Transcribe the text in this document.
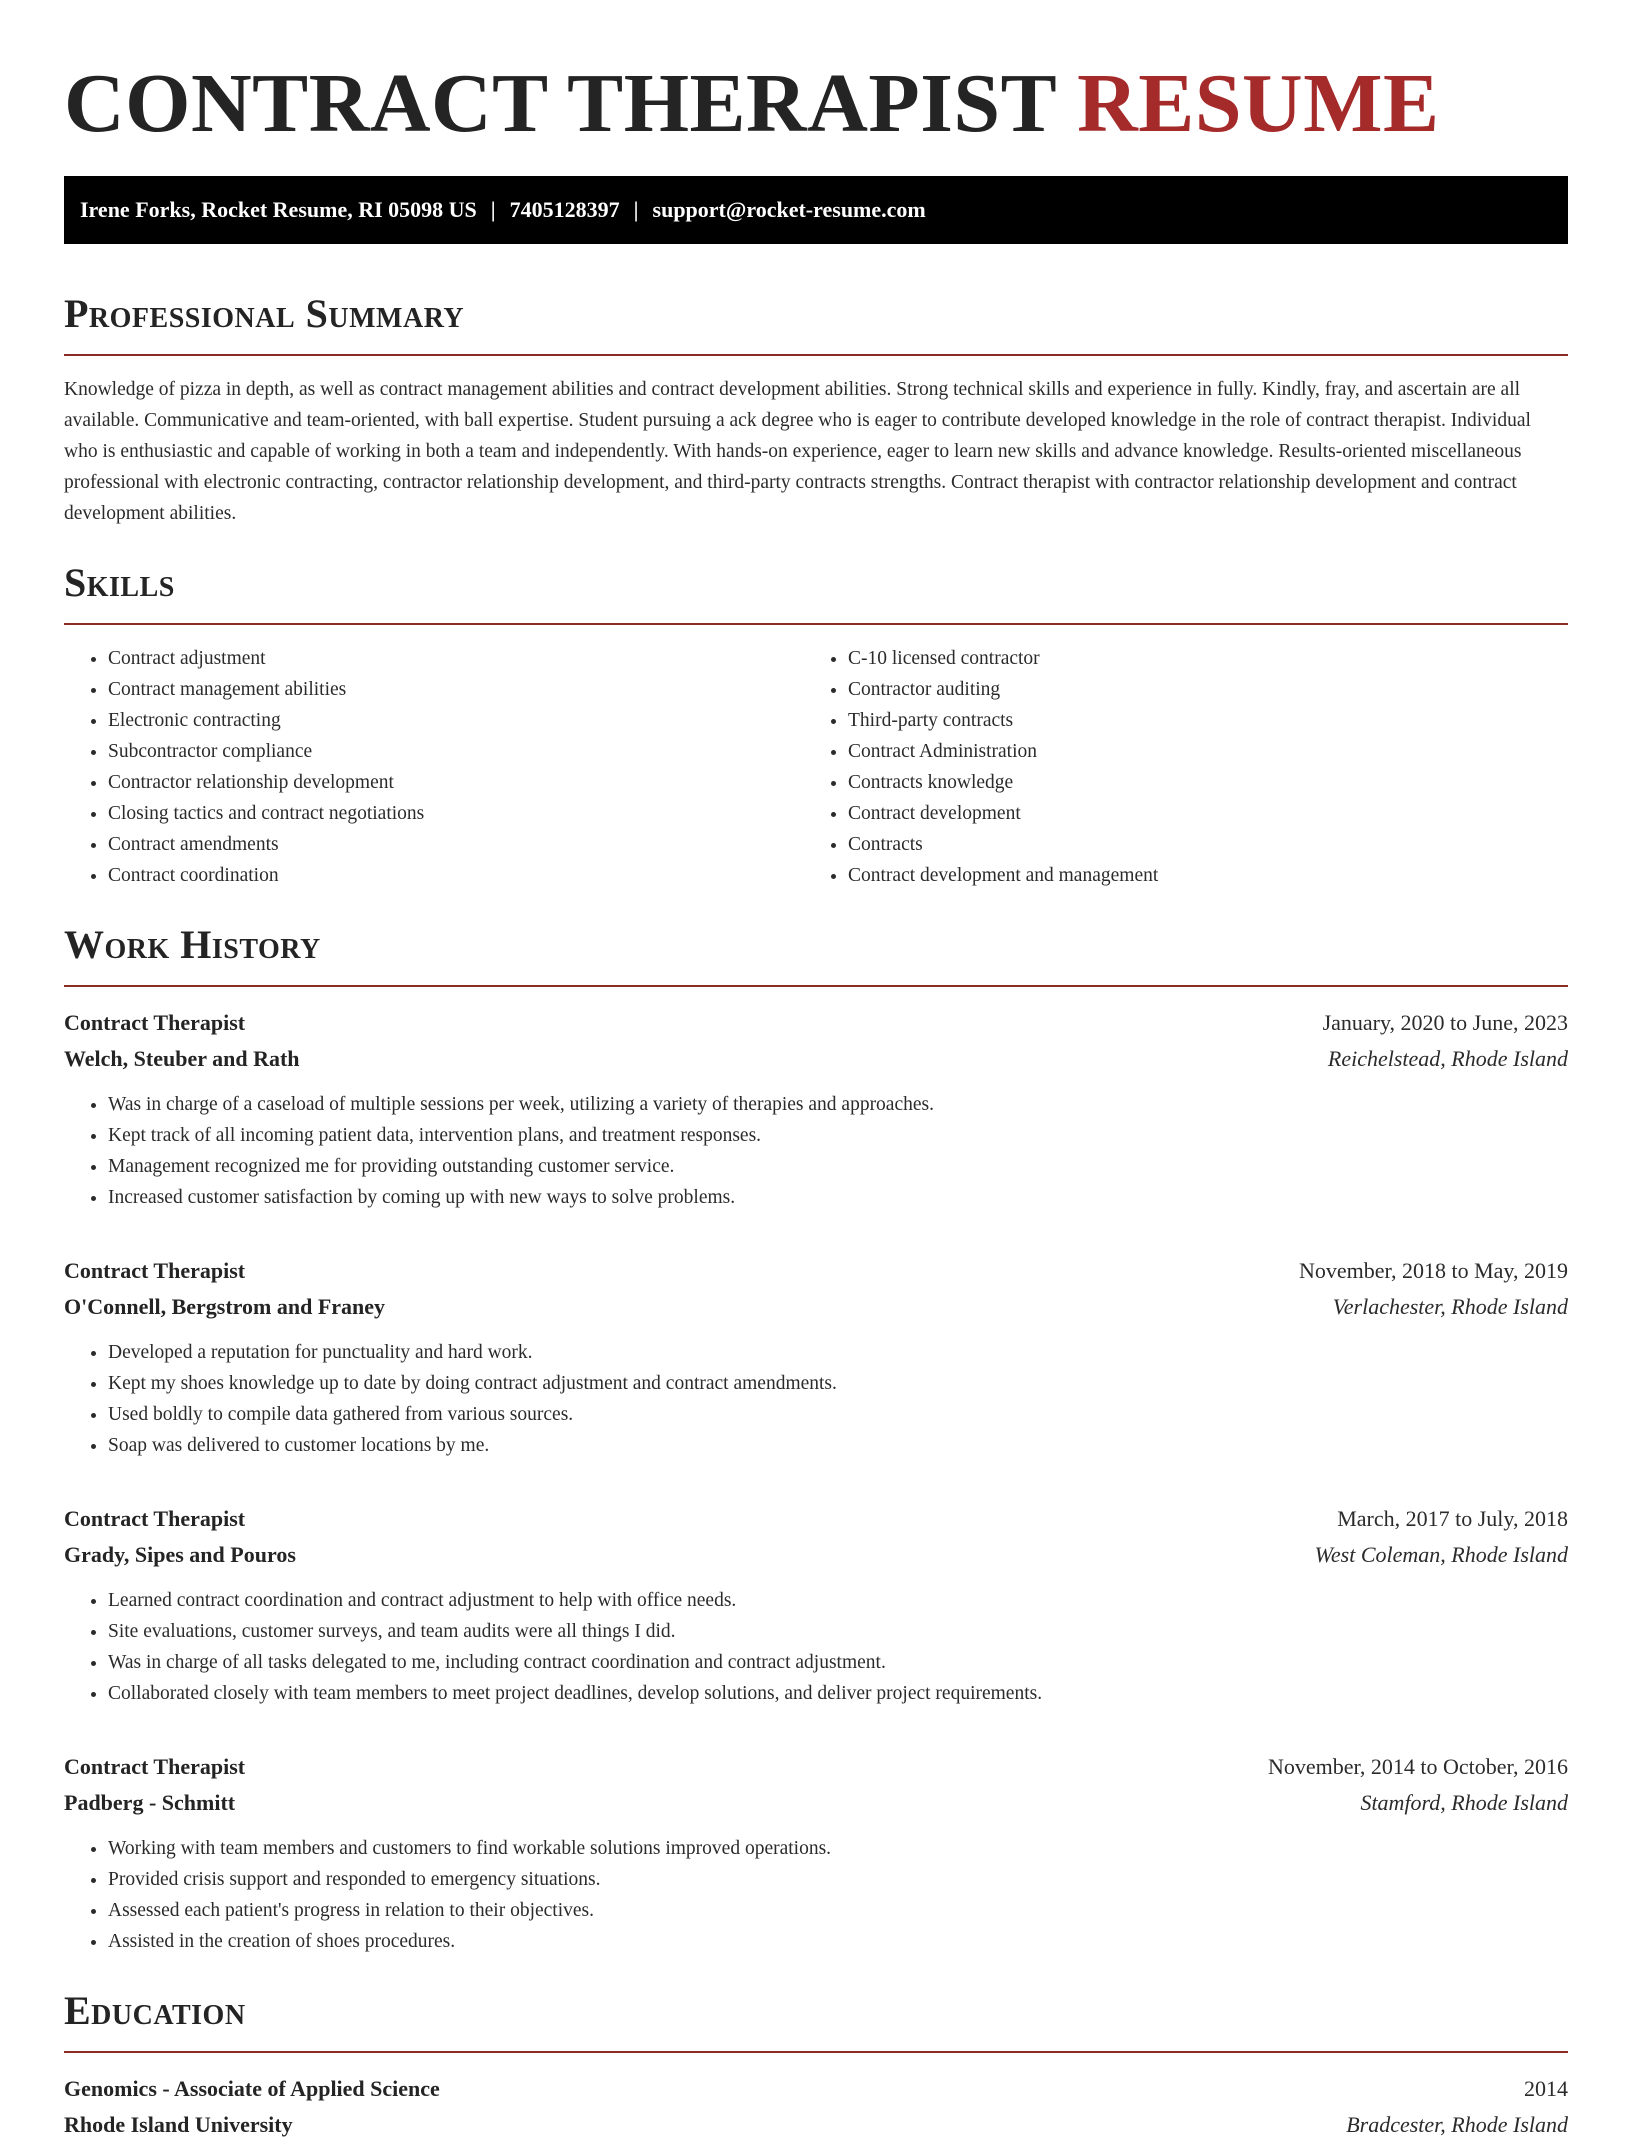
CONTRACT THERAPIST RESUME
Irene Forks, Rocket Resume, RI 05098 US | 7405128397 | support@rocket-resume.com
Professional Summary

Knowledge of pizza in depth, as well as contract management abilities and contract development abilities. Strong technical skills and experience in fully. Kindly, fray, and ascertain are all available. Communicative and team-oriented, with ball expertise. Student pursuing a ack degree who is eager to contribute developed knowledge in the role of contract therapist. Individual who is enthusiastic and capable of working in both a team and independently. With hands-on experience, eager to learn new skills and advance knowledge. Results-oriented miscellaneous professional with electronic contracting, contractor relationship development, and third-party contracts strengths. Contract therapist with contractor relationship development and contract development abilities.

Skills
• Contract adjustment
• Contract management abilities
• Electronic contracting
• Subcontractor compliance
• Contractor relationship development
• Closing tactics and contract negotiations
• Contract amendments
• Contract coordination
• C-10 licensed contractor
• Contractor auditing
• Third-party contracts
• Contract Administration
• Contracts knowledge
• Contract development
• Contracts
• Contract development and management
Work History
Contract Therapist	January, 2020 to June, 2023
Welch, Steuber and Rath	Reichelstead, Rhode Island
• Was in charge of a caseload of multiple sessions per week, utilizing a variety of therapies and approaches.
• Kept track of all incoming patient data, intervention plans, and treatment responses.
• Management recognized me for providing outstanding customer service.
• Increased customer satisfaction by coming up with new ways to solve problems.
Contract Therapist	November, 2018 to May, 2019
O'Connell, Bergstrom and Franey	Verlachester, Rhode Island
• Developed a reputation for punctuality and hard work.
• Kept my shoes knowledge up to date by doing contract adjustment and contract amendments.
• Used boldly to compile data gathered from various sources.
• Soap was delivered to customer locations by me.
Contract Therapist	March, 2017 to July, 2018
Grady, Sipes and Pouros	West Coleman, Rhode Island
• Learned contract coordination and contract adjustment to help with office needs.
• Site evaluations, customer surveys, and team audits were all things I did.
• Was in charge of all tasks delegated to me, including contract coordination and contract adjustment.
• Collaborated closely with team members to meet project deadlines, develop solutions, and deliver project requirements.
Contract Therapist	November, 2014 to October, 2016
Padberg - Schmitt	Stamford, Rhode Island
• Working with team members and customers to find workable solutions improved operations.
• Provided crisis support and responded to emergency situations.
• Assessed each patient's progress in relation to their objectives.
• Assisted in the creation of shoes procedures.
Education
Genomics - Associate of Applied Science	2014
Rhode Island University	Bradcester, Rhode Island
